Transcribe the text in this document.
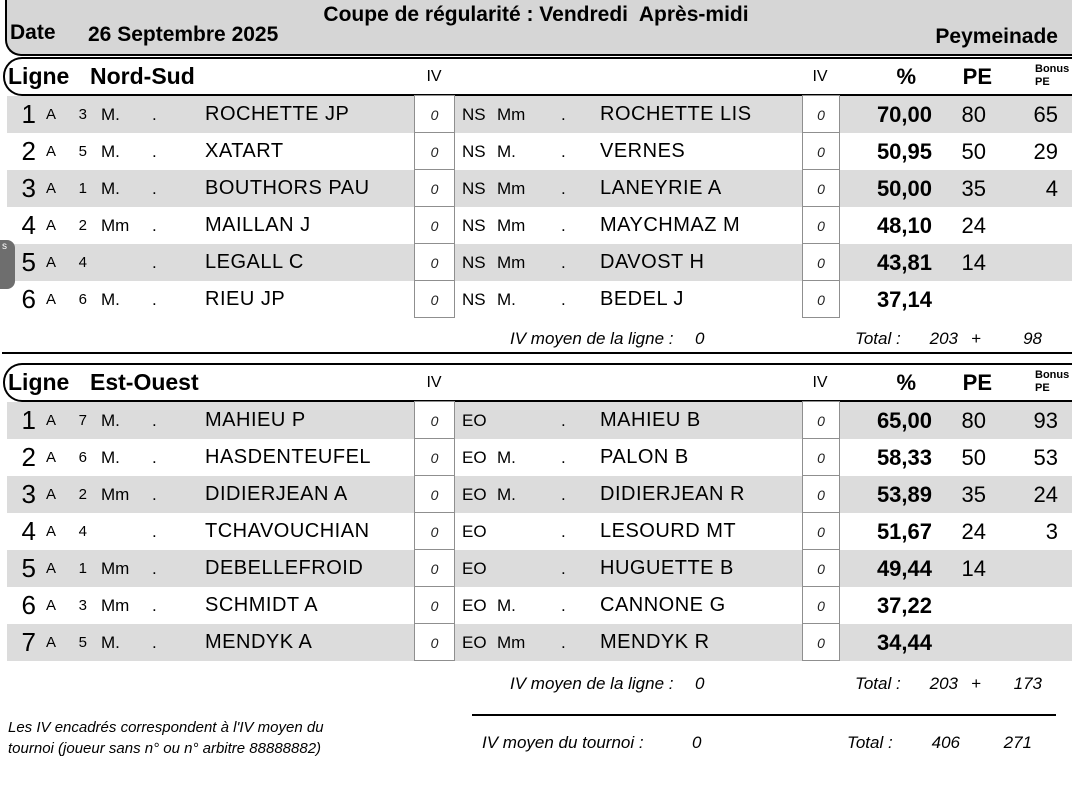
Coupe de régularité : Vendredi  Après-midi
Date 26 Septembre 2025	Peymeinade
Ligne Nord-Sud	IV	IV	%	PE	Bonus

PE
1 A	3 M. . ROCHETTE JP	0	NS Mm . ROCHETTE LIS	0	70,00	80	65
2 A	5 M. . XATART	0	NS M.	. VERNES	0	50,95	50	29
3 A	1 M. . BOUTHORS PAU	0	NS Mm . LANEYRIE A	0	50,00	35	4
4 A	2 Mm . MAILLAN J	0	NS Mm . MAYCHMAZ M	0	48,10	24
5 A	4	. LEGALL C	0	NS Mm . DAVOST H	0	43,81	14
6 A	6 M. . RIEU JP	0	NS M.	. BEDEL J	0	37,14
IV moyen de la ligne : 0	Total :	203 +	98
Ligne Est-Ouest	IV	IV	%	PE	Bonus

PE
1 A	7 M. . MAHIEU P	0	EO	. MAHIEU B	0	65,00	80	93
2 A	6 M. . HASDENTEUFEL	0	EO M.	. PALON B	0	58,33	50	53
3 A	2 Mm . DIDIERJEAN A	0	EO M.	. DIDIERJEAN R	0	53,89	35	24
4 A	4	. TCHAVOUCHIAN	0	EO	. LESOURD MT	0	51,67	24	3
5 A	1 Mm . DEBELLEFROID	0	EO	. HUGUETTE B	0	49,44	14
6 A	3 Mm . SCHMIDT A	0	EO M.	. CANNONE G	0	37,22
7 A	5 M. . MENDYK A	0	EO Mm . MENDYK R	0	34,44
IV moyen de la ligne : 0	Total :	203 +	173
Les IV encadrés correspondent à l'IV moyen du
tournoi (joueur sans n° ou n° arbitre 88888882)	IV moyen du tournoi :	0	Total :	406	271
s
